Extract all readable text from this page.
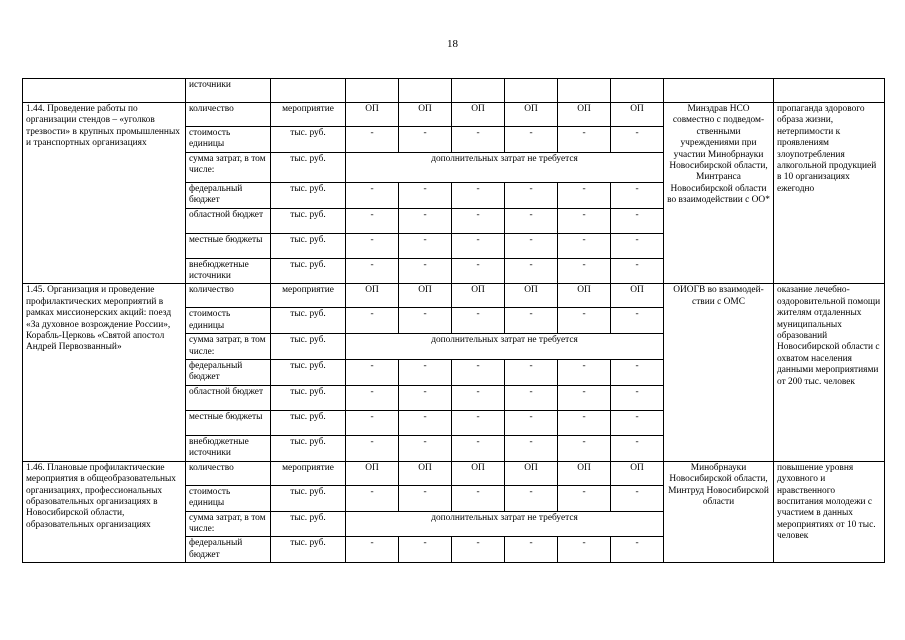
18
	источники									
1.44. Проведение работы по организации стендов – «уголков трезвости» в крупных промышленных и транспортных организациях	количество	мероприятие	ОП	ОП	ОП	ОП	ОП	ОП	Минздрав НСО совместно с подведом-ственными учреждениями при участии Минобрнауки Новосибирской области, Минтранса Новосибирской области во взаимодействии с ОО*	пропаганда здорового образа жизни, нетерпимости к проявлениям злоупотребления алкогольной продукцией в 10 организациях ежегодно
	стоимость единицы	тыс. руб.	-	-	-	-	-	-		
	сумма затрат, в том числе:	тыс. руб.	дополнительных затрат не требуется							
	федеральный бюджет	тыс. руб.	-	-	-	-	-	-		
	областной бюджет	тыс. руб.	-	-	-	-	-	-		
	местные бюджеты	тыс. руб.	-	-	-	-	-	-		
	внебюджетные источники	тыс. руб.	-	-	-	-	-	-		
1.45. Организация и проведение профилактических мероприятий в рамках миссионерских акций: поезд «За духовное возрождение России», Корабль-Церковь «Святой апостол Андрей Первозванный»	количество	мероприятие	ОП	ОП	ОП	ОП	ОП	ОП	ОИОГВ во взаимодей-ствии с ОМС	оказание лечебно-оздоровительной помощи жителям отдаленных муниципальных образований Новосибирской области с охватом населения данными мероприятиями от 200 тыс. человек
	стоимость единицы	тыс. руб.	-	-	-	-	-	-		
	сумма затрат, в том числе:	тыс. руб.	дополнительных затрат не требуется							
	федеральный бюджет	тыс. руб.	-	-	-	-	-	-		
	областной бюджет	тыс. руб.	-	-	-	-	-	-		
	местные бюджеты	тыс. руб.	-	-	-	-	-	-		
	внебюджетные источники	тыс. руб.	-	-	-	-	-	-		
1.46. Плановые профилактические мероприятия в общеобразовательных организациях, профессиональных образовательных организациях в Новосибирской области, образовательных организациях	количество	мероприятие	ОП	ОП	ОП	ОП	ОП	ОП	Минобрнауки Новосибирской области, Минтруд Новосибирской области	повышение уровня духовного и нравственного воспитания молодежи с участием в данных мероприятиях от 10 тыс. человек
	стоимость единицы	тыс. руб.	-	-	-	-	-	-		
	сумма затрат, в том числе:	тыс. руб.	дополнительных затрат не требуется							
	федеральный бюджет	тыс. руб.	-	-	-	-	-	-		
